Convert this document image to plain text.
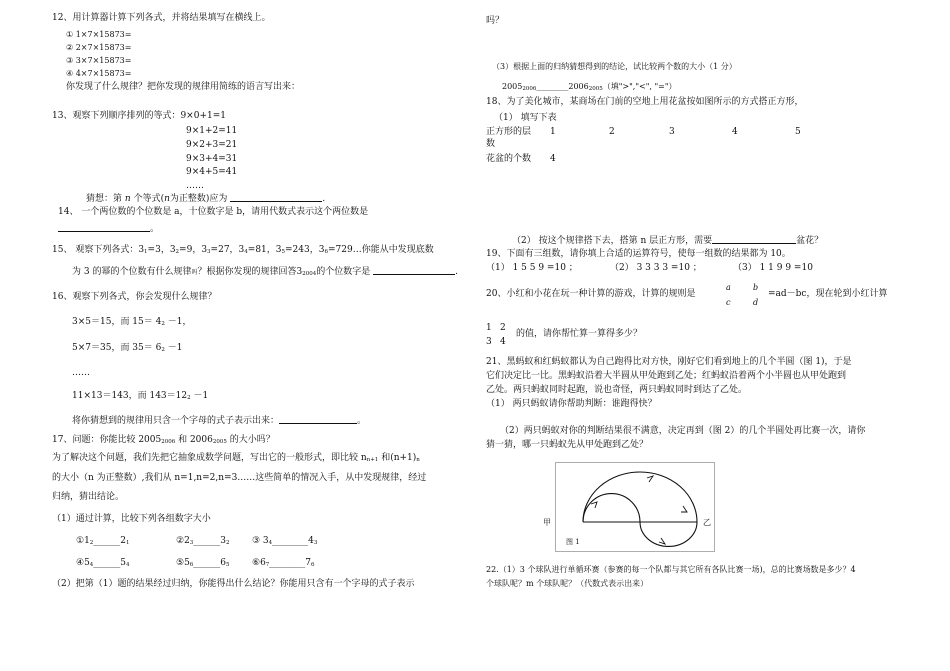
12、用计算器计算下列各式，并将结果填写在横线上。
① 1×7×15873=
② 2×7×15873=
③ 3×7×15873=
④ 4×7×15873=
你发现了什么规律？把你发现的规律用简练的语言写出来：
13、观察下列顺序排列的等式：9×0+1=1
9×1+2=11
9×2+3=21
9×3+4=31
9×4+5=41
……
猜想：第 n 个等式(n为正整数)应为	.
14、 一个两位数的个位数是 a，十位数字是 b，请用代数式表示这个两位数是
。
15、 观察下列各式：31=3，32=9，33=27，34=81，35=243，36=729…你能从中发现底数
为 3 的幂的个位数有什么规律吗？根据你发现的规律回答32004的个位数字是	.
16、观察下列各式，你会发现什么规律？
3×5＝15，而 15＝ 42 －1，
5×7＝35，而 35＝ 62 －1
……
11×13＝143，而 143＝122 －1
将你猜想到的规律用只含一个字母的式子表示出来：	。
17、问题：你能比较 20052006 和 20062005 的大小吗？
为了解决这个问题，我们先把它抽象成数学问题，写出它的一般形式，即比较 nn+1 和(n+1)n
的大小（n 为正整数）,我们从 n=1,n=2,n=3……这些简单的情况入手，从中发现规律，经过
归纳，猜出结论。
（1）通过计算，比较下列各组数字大小
①12______21	②23______32 ③ 34________43
④54______54	⑤56______65 ⑥67________76
（2）把第（1）题的结果经过归纳，你能得出什么结论？你能用只含有一个字母的式子表示
吗？
（3）根据上面的归纳猜想得到的结论，试比较两个数的大小（1 分）
20052006________20062005（填">","<", "="）
18、为了美化城市，某商场在门前的空地上用花盆按如图所示的方式搭正方形，
（1） 填写下表
正方形的层
数
1	2	3	4	5
花盆的个数 4
（2） 按这个规律搭下去，搭第 n 层正方形，需要	盆花？
19、下面有三组数，请你填上合适的运算符号，使每一组数的结果都为 10。
（1） 1 5 5 9 =10 ；	（2） 3 3 3 3 =10 ；	（3） 1 1 9 9 =10
20、小红和小花在玩一种计算的游戏，计算的规则是
a	b
c	d
=ad－bc，现在轮到小红计算
1 2
3 4
的值，请你帮忙算一算得多少？
21、黑蚂蚁和红蚂蚁都认为自己跑得比对方快，刚好它们看到地上的几个半圆（图 1)，于是
它们决定比一比。黑蚂蚁沿着大半圆从甲处跑到乙处；红蚂蚁沿着两个小半圆也从甲处跑到
乙处。两只蚂蚁同时起跑，说也奇怪，两只蚂蚁同时到达了乙处。
（1） 两只蚂蚁请你帮助判断：谁跑得快？
（2）两只蚂蚁对你的判断结果很不满意，决定再到（图 2）的几个半圆处再比赛一次，请你
猜一猜，哪一只蚂蚁先从甲处跑到乙处？
甲	乙
图 1
22.（1）3 个球队进行单循环赛（参赛的每一个队都与其它所有各队比赛一场)，总的比赛场数是多少？4
个球队呢？m 个球队呢？（代数式表示出来）
